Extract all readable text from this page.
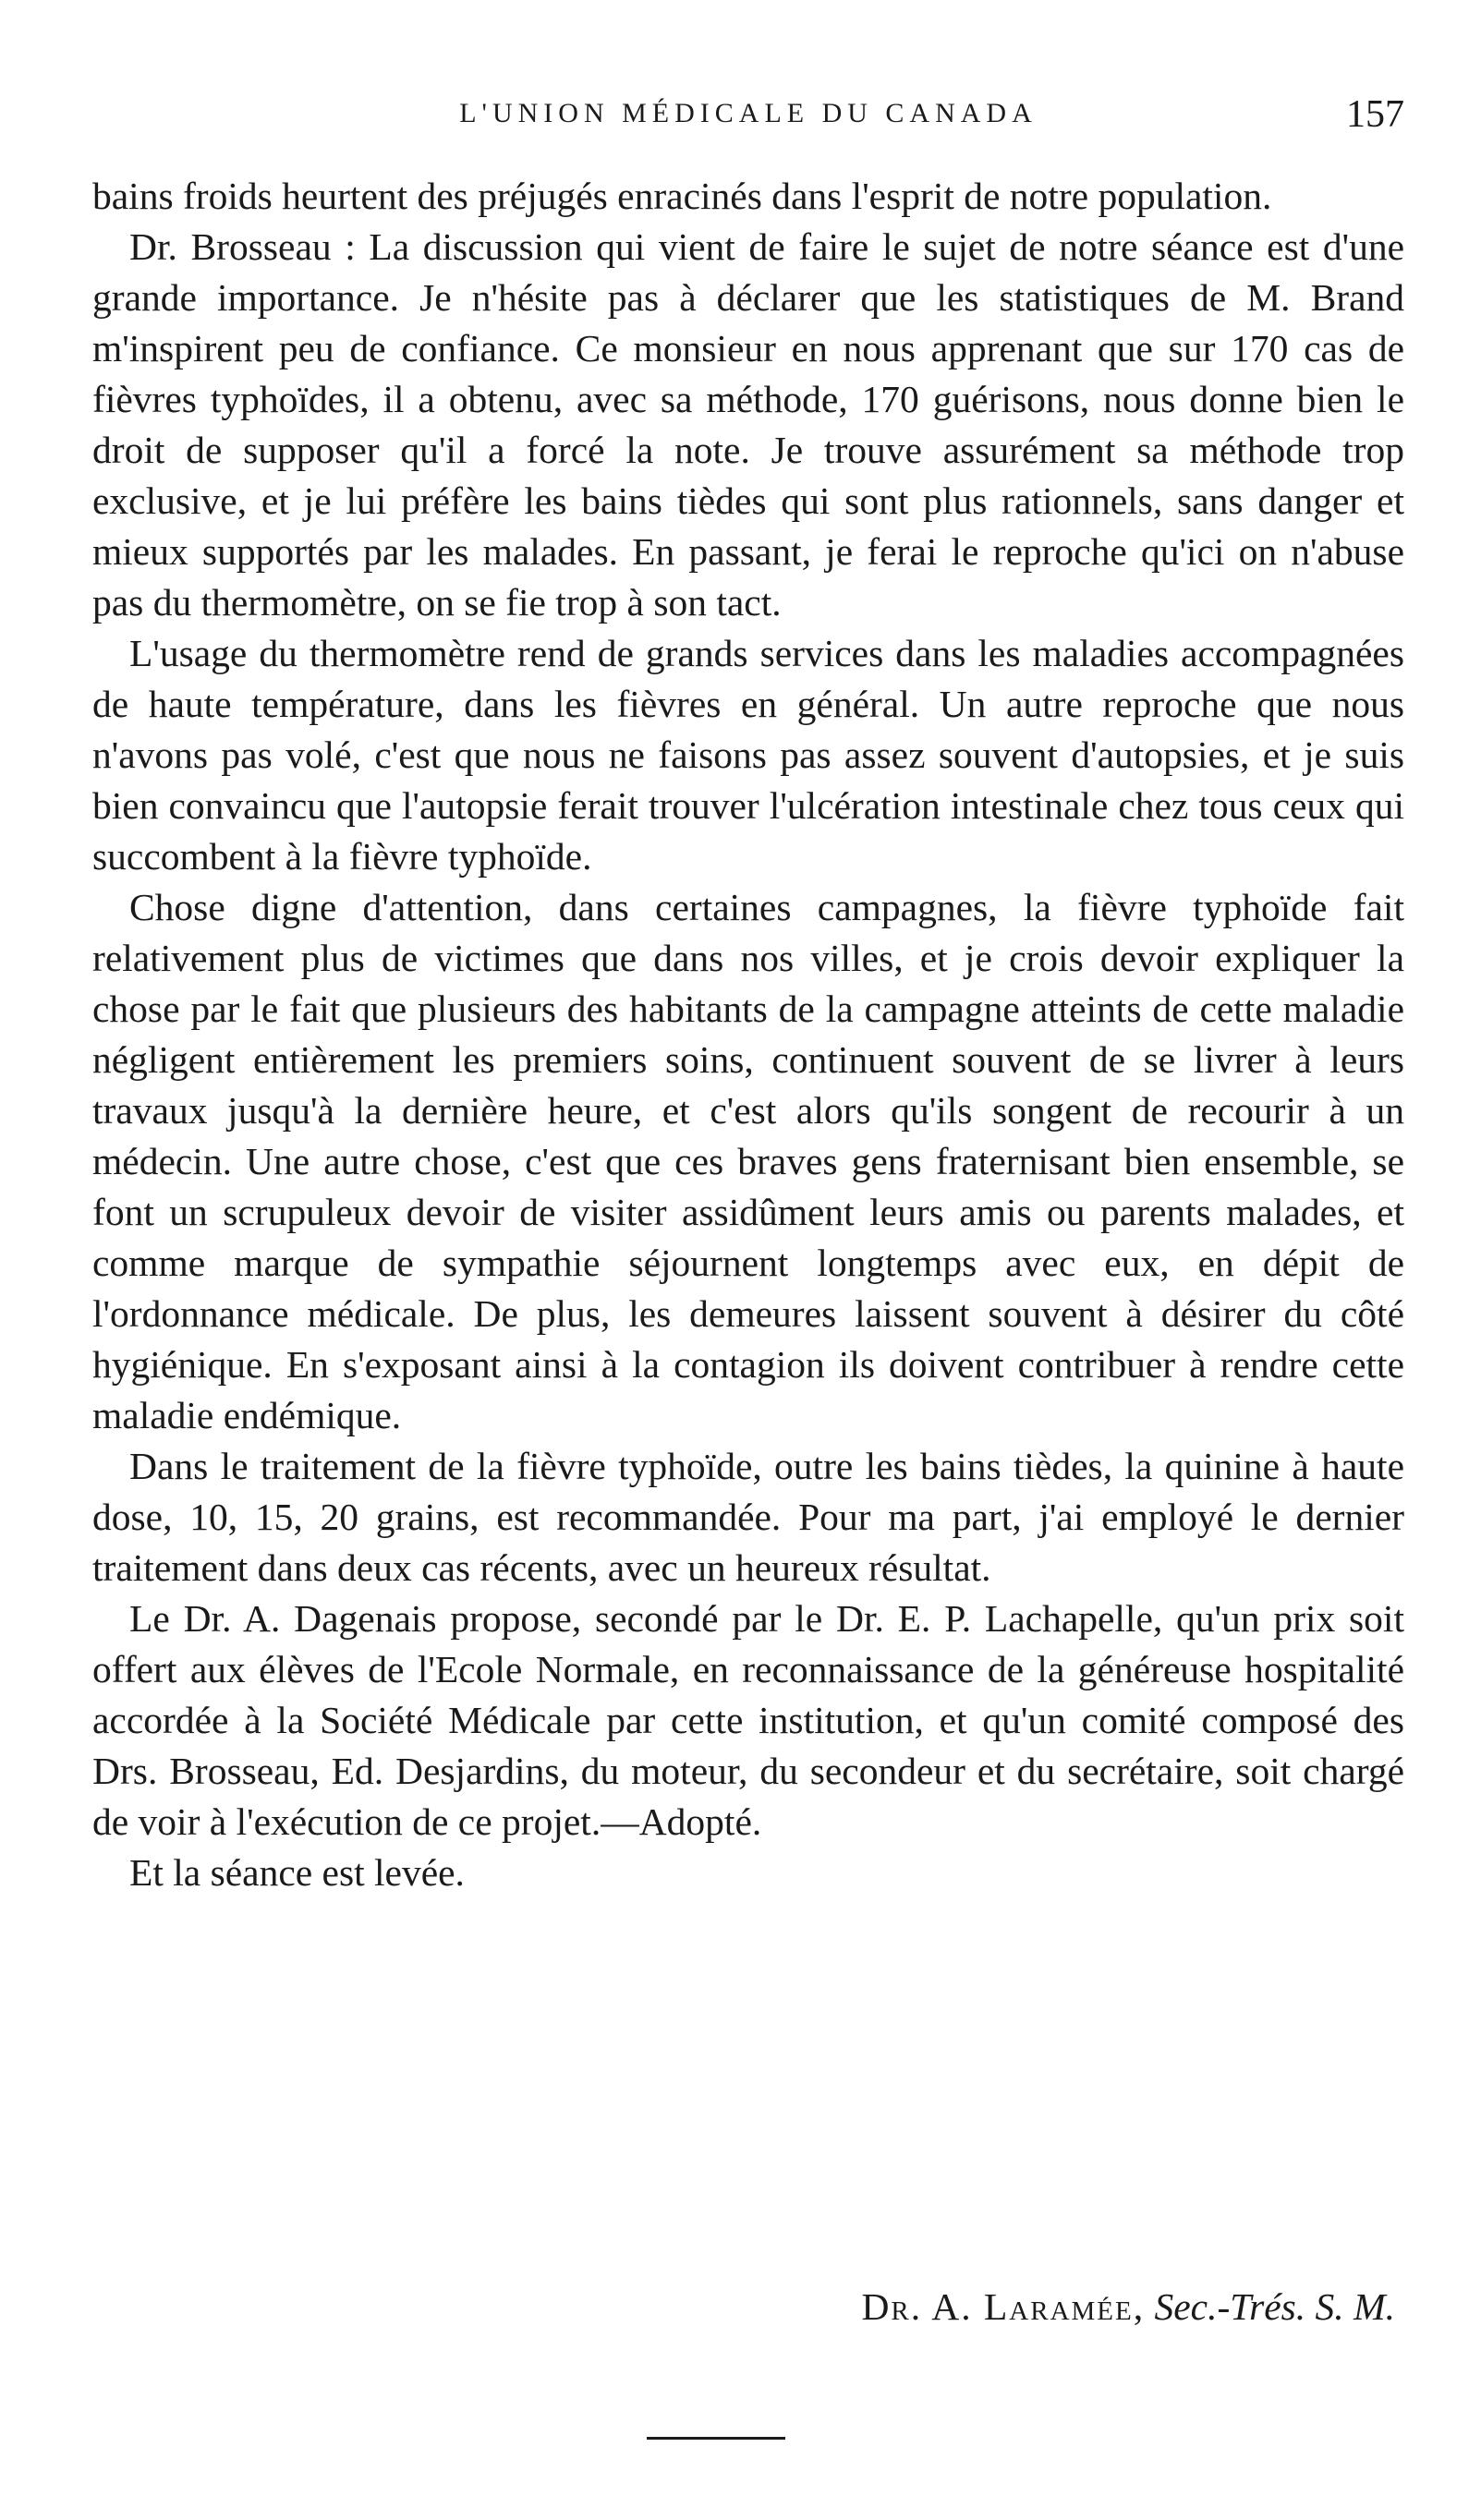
L'UNION MÉDICALE DU CANADA	157

bains froids heurtent des préjugés enracinés dans l'esprit de notre population.

Dr. Brosseau : La discussion qui vient de faire le sujet de notre séance est d'une grande importance. Je n'hésite pas à déclarer que les statistiques de M. Brand m'inspirent peu de confiance. Ce monsieur en nous apprenant que sur 170 cas de fièvres typhoïdes, il a obtenu, avec sa méthode, 170 guérisons, nous donne bien le droit de supposer qu'il a forcé la note. Je trouve assurément sa méthode trop exclusive, et je lui préfère les bains tièdes qui sont plus rationnels, sans danger et mieux supportés par les malades. En passant, je ferai le reproche qu'ici on n'abuse pas du thermomètre, on se fie trop à son tact.

L'usage du thermomètre rend de grands services dans les maladies accompagnées de haute température, dans les fièvres en général. Un autre reproche que nous n'avons pas volé, c'est que nous ne faisons pas assez souvent d'autopsies, et je suis bien convaincu que l'autopsie ferait trouver l'ulcération intestinale chez tous ceux qui succombent à la fièvre typhoïde.

Chose digne d'attention, dans certaines campagnes, la fièvre typhoïde fait relativement plus de victimes que dans nos villes, et je crois devoir expliquer la chose par le fait que plusieurs des habitants de la campagne atteints de cette maladie négligent entièrement les premiers soins, continuent souvent de se livrer à leurs travaux jusqu'à la dernière heure, et c'est alors qu'ils songent de recourir à un médecin. Une autre chose, c'est que ces braves gens fraternisant bien ensemble, se font un scrupuleux devoir de visiter assidûment leurs amis ou parents malades, et comme marque de sympathie séjournent longtemps avec eux, en dépit de l'ordonnance médicale. De plus, les demeures laissent souvent à désirer du côté hygiénique. En s'exposant ainsi à la contagion ils doivent contribuer à rendre cette maladie endémique.

Dans le traitement de la fièvre typhoïde, outre les bains tièdes, la quinine à haute dose, 10, 15, 20 grains, est recommandée. Pour ma part, j'ai employé le dernier traitement dans deux cas récents, avec un heureux résultat.

Le Dr. A. Dagenais propose, secondé par le Dr. E. P. Lachapelle, qu'un prix soit offert aux élèves de l'Ecole Normale, en reconnaissance de la généreuse hospitalité accordée à la Société Médicale par cette institution, et qu'un comité composé des Drs. Brosseau, Ed. Desjardins, du moteur, du secondeur et du secrétaire, soit chargé de voir à l'exécution de ce projet.—Adopté.

Et la séance est levée.

Dr. A. Laramée, Sec.-Trés. S. M.
